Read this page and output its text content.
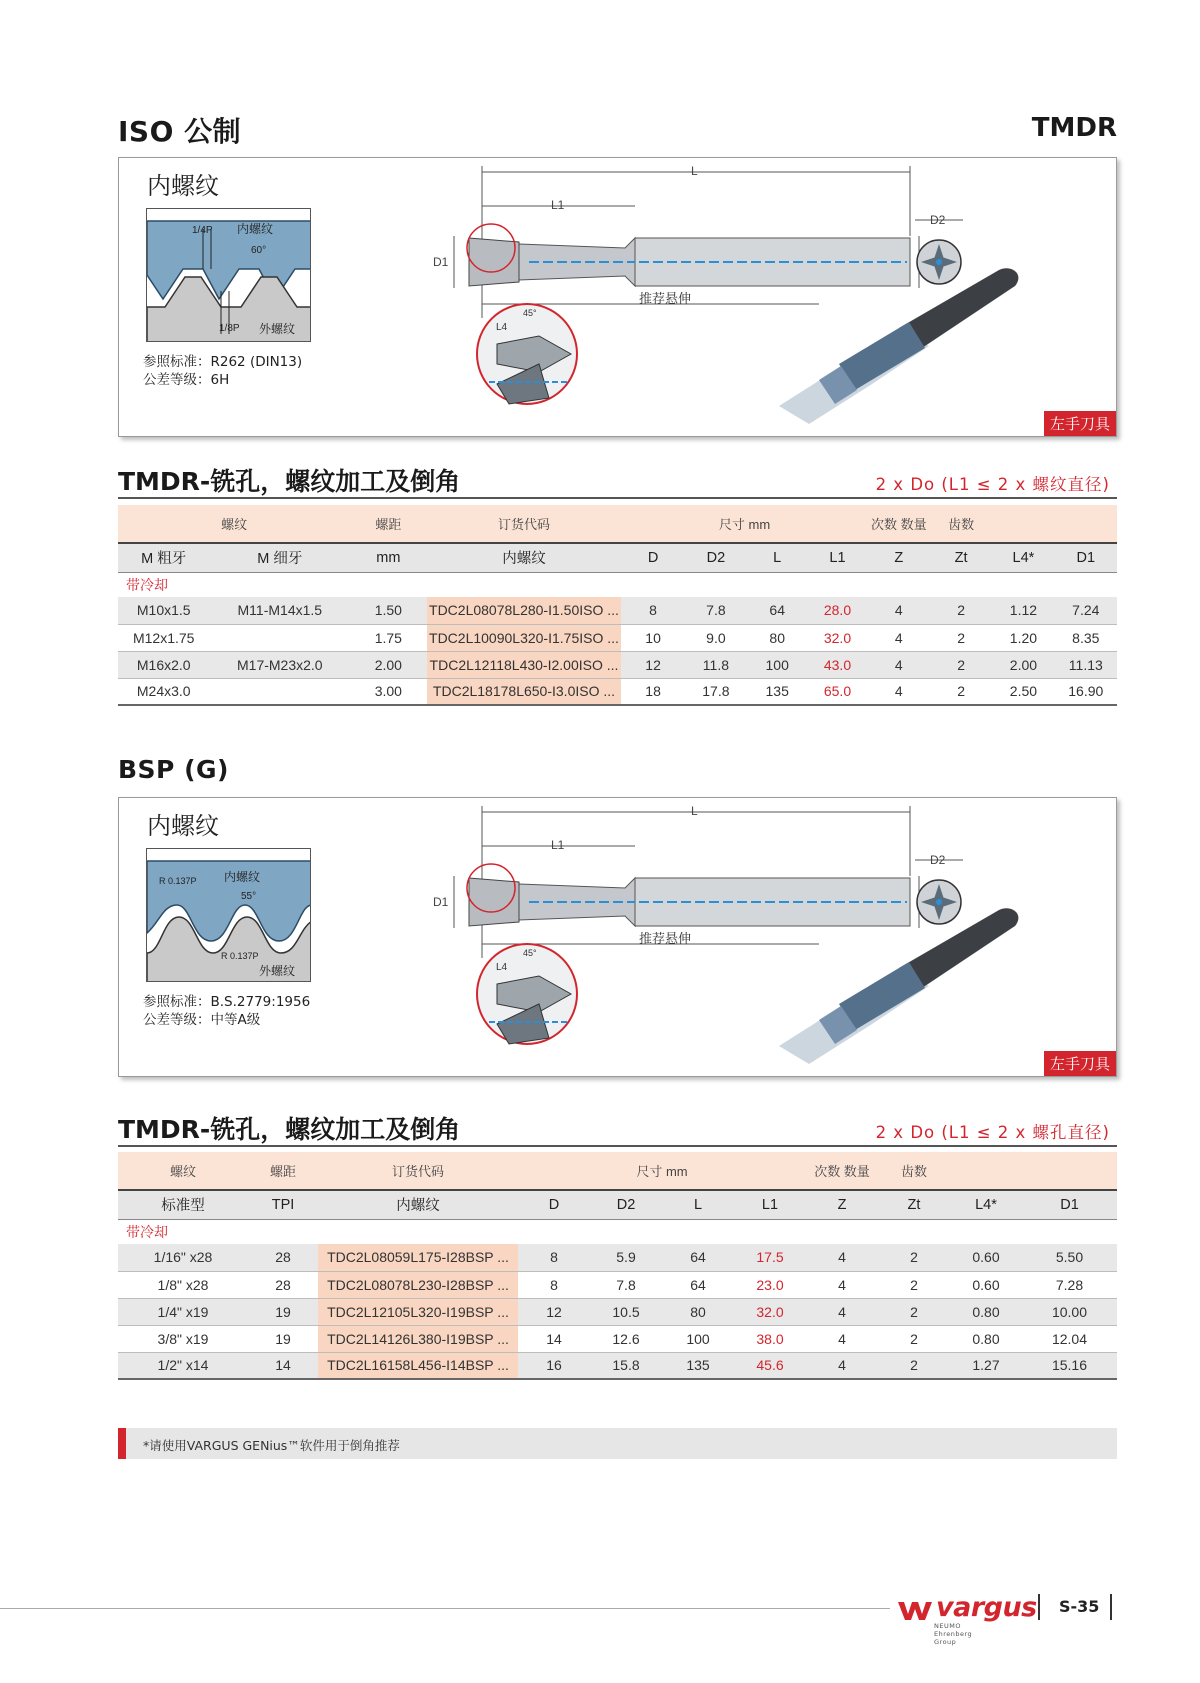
ISO 公制	TMDR
内螺纹
1/4P 内螺纹
60°
1/8P 外螺纹
参照标准：R262 (DIN13)
公差等级：6H
L
L1
D1
推荐悬伸
D2
L4
45°
左手刀具
TMDR-铣孔，螺纹加工及倒角	2 x Do (L1 ≤ 2 x 螺纹直径)
螺纹		螺距	订货代码	尺寸 mm				次数 数量	齿数		
M 粗牙	M 细牙	mm	内螺纹	D	D2	L	L1	Z	Zt	L4*	D1
带冷却											
M10x1.5	M11-M14x1.5	1.50	TDC2L08078L280-I1.50ISO ...	8	7.8	64	28.0	4	2	1.12	7.24
M12x1.75		1.75	TDC2L10090L320-I1.75ISO ...	10	9.0	80	32.0	4	2	1.20	8.35
M16x2.0	M17-M23x2.0	2.00	TDC2L12118L430-I2.00ISO ...	12	11.8	100	43.0	4	2	2.00	11.13
M24x3.0		3.00	TDC2L18178L650-I3.0ISO ...	18	17.8	135	65.0	4	2	2.50	16.90
BSP (G)
内螺纹
R 0.137P 内螺纹
55°
R 0.137P
外螺纹
参照标准：B.S.2779:1956
公差等级：中等A级
L
L1
D1
推荐悬伸
D2
L4
45°
左手刀具
TMDR-铣孔，螺纹加工及倒角	2 x Do (L1 ≤ 2 x 螺孔直径)
螺纹	螺距	订货代码	尺寸 mm				次数 数量	齿数		
标准型	TPI	内螺纹	D	D2	L	L1	Z	Zt	L4*	D1
带冷却										
1/16" x28	28	TDC2L08059L175-I28BSP ...	8	5.9	64	17.5	4	2	0.60	5.50
1/8" x28	28	TDC2L08078L230-I28BSP ...	8	7.8	64	23.0	4	2	0.60	7.28
1/4" x19	19	TDC2L12105L320-I19BSP ...	12	10.5	80	32.0	4	2	0.80	10.00
3/8" x19	19	TDC2L14126L380-I19BSP ...	14	12.6	100	38.0	4	2	0.80	12.04
1/2" x14	14	TDC2L16158L456-I14BSP ...	16	15.8	135	45.6	4	2	1.27	15.16
*请使用VARGUS GENius™软件用于倒角推荐
vargus
NEUMO Ehrenberg Group
S-35
